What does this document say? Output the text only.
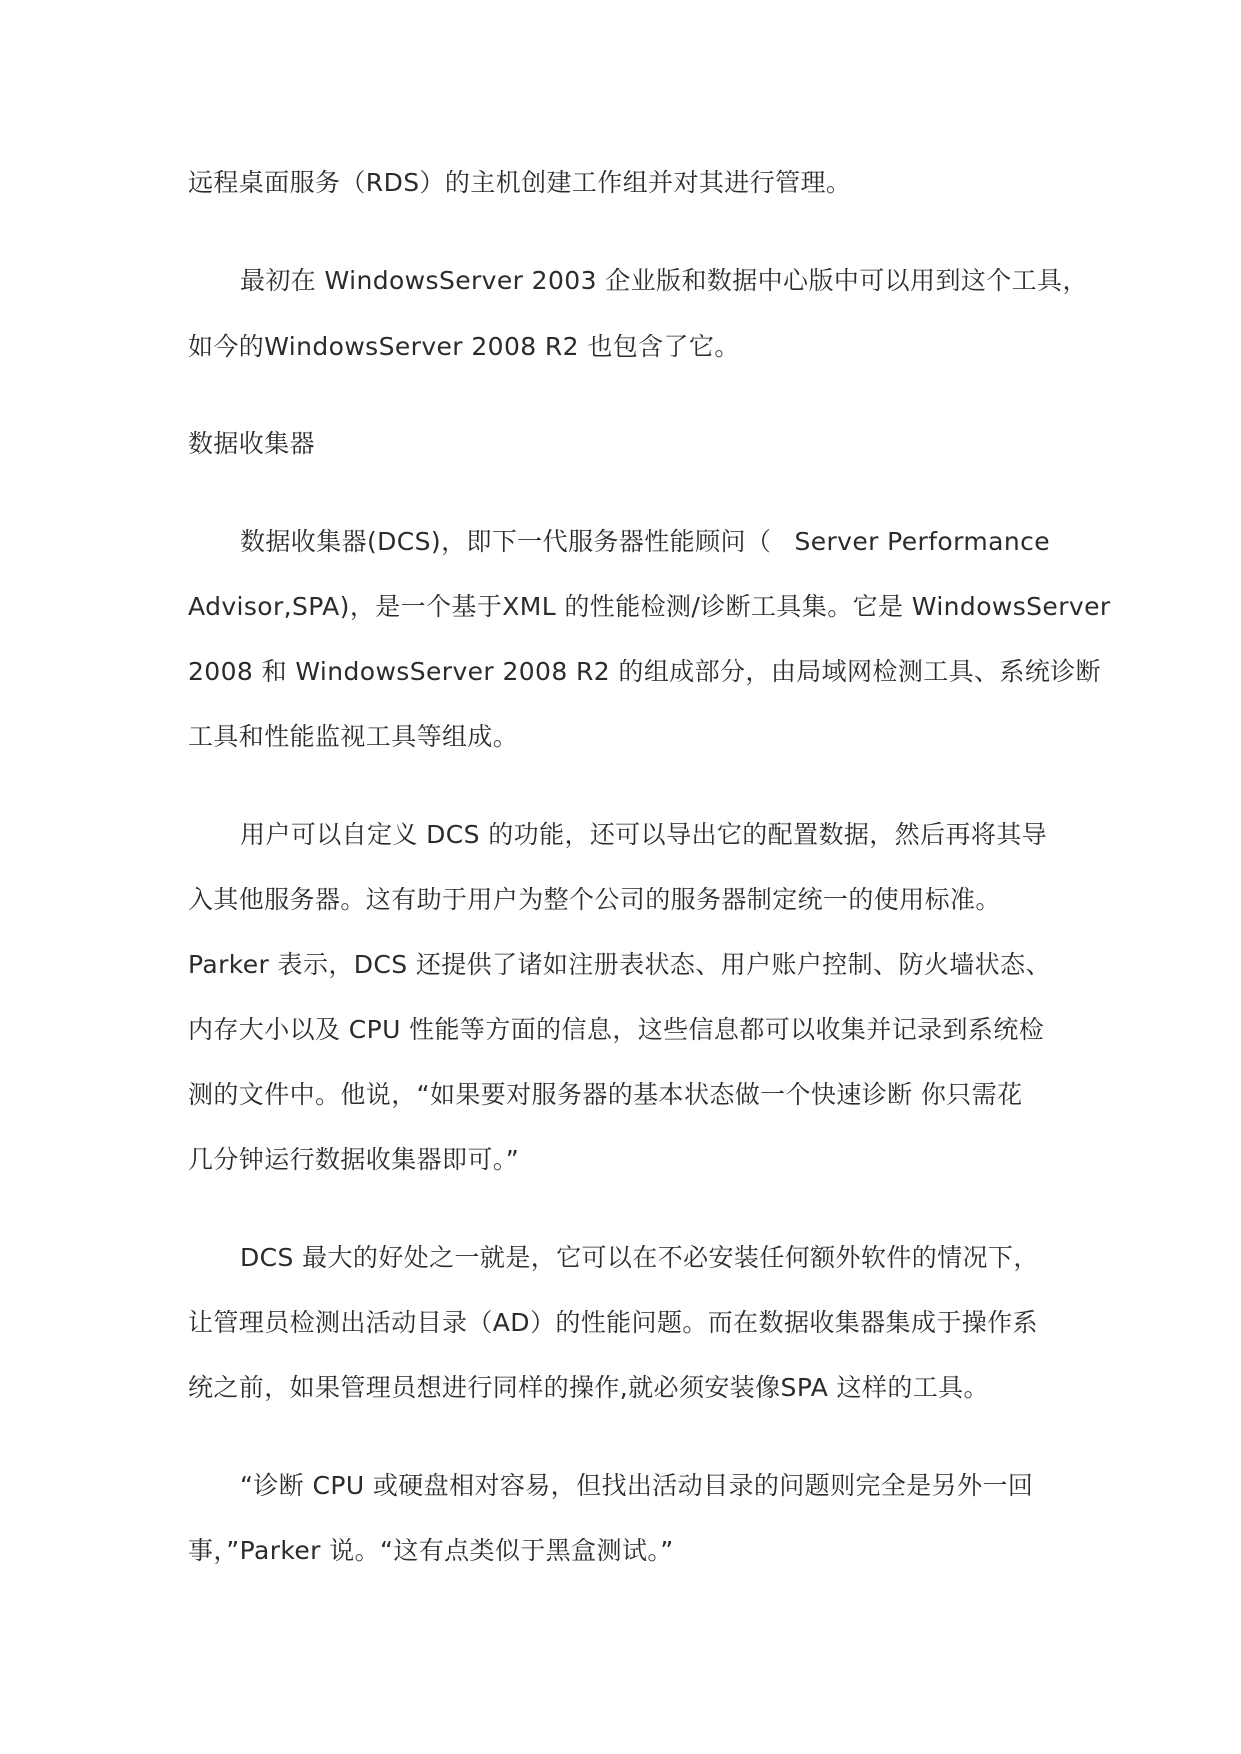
远程桌面服务（RDS）的主机创建工作组并对其进行管理。
最初在 WindowsServer 2003 企业版和数据中心版中可以用到这个工具，
如今的WindowsServer 2008 R2 也包含了它。
数据收集器
数据收集器(DCS)，即下一代服务器性能顾问（ Server Performance
Advisor,SPA)，是一个基于XML 的性能检测/诊断工具集。它是 WindowsServer
2008 和 WindowsServer 2008 R2 的组成部分，由局域网检测工具、系统诊断
工具和性能监视工具等组成。
用户可以自定义 DCS 的功能，还可以导出它的配置数据，然后再将其导
入其他服务器。这有助于用户为整个公司的服务器制定统一的使用标准。
Parker 表示，DCS 还提供了诸如注册表状态、用户账户控制、防火墙状态、
内存大小以及 CPU 性能等方面的信息，这些信息都可以收集并记录到系统检
测的文件中。他说，“如果要对服务器的基本状态做一个快速诊断 你只需花
几分钟运行数据收集器即可。”
DCS 最大的好处之一就是，它可以在不必安装任何额外软件的情况下，
让管理员检测出活动目录（AD）的性能问题。而在数据收集器集成于操作系
统之前，如果管理员想进行同样的操作,就必须安装像SPA 这样的工具。
“诊断 CPU 或硬盘相对容易，但找出活动目录的问题则完全是另外一回
事，”Parker 说。“这有点类似于黑盒测试。”
